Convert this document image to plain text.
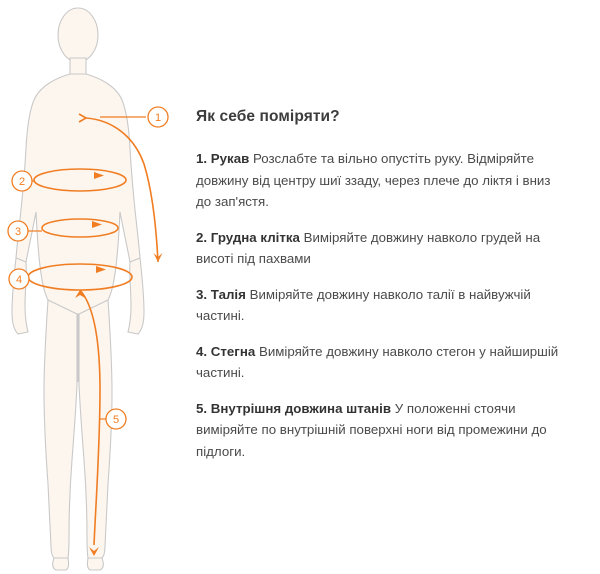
1
2
3
4
5
Як себе поміряти?
1. Рукав Розслабте та вільно опустіть руку. Відміряйте довжину від центру шиї ззаду, через плече до лiктя і вниз до зап'ястя.
2. Грудна клітка Виміряйте довжину навколо грудей на висоті під пахвами
3. Талія Виміряйте довжину навколо талії в найвужчій частині.
4. Стегна Виміряйте довжину навколо стегон у найширшій частині.
5. Внутрішня довжина штанів У положенні стоячи виміряйте по внутрішній поверхні ноги від промежини до підлоги.
